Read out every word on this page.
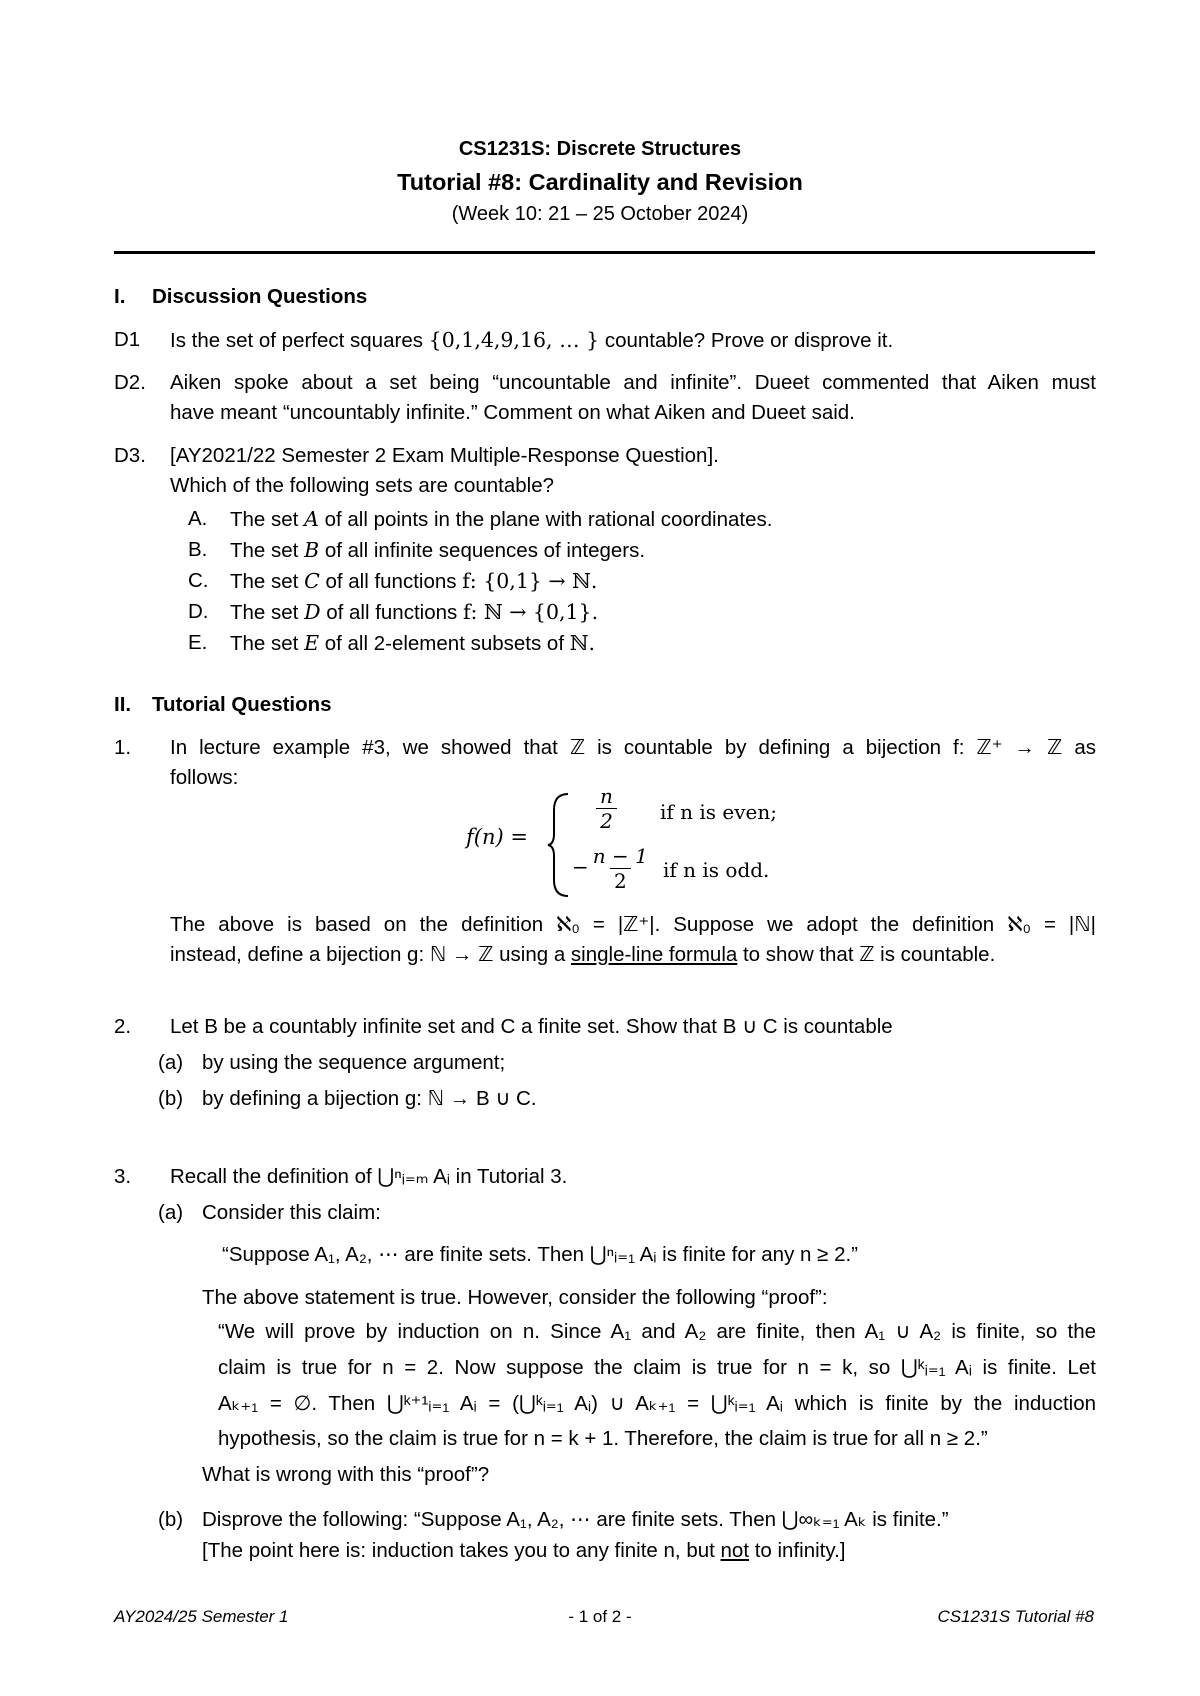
CS1231S: Discrete Structures
Tutorial #8: Cardinality and Revision
(Week 10: 21 – 25 October 2024)
I. Discussion Questions
D1 Is the set of perfect squares {0,1,4,9,16, … } countable? Prove or disprove it.
D2. Aiken spoke about a set being “uncountable and infinite”. Dueet commented that Aiken must
have meant “uncountably infinite.” Comment on what Aiken and Dueet said.
D3. [AY2021/22 Semester 2 Exam Multiple-Response Question].
Which of the following sets are countable?
A. The set A of all points in the plane with rational coordinates.
B. The set B of all infinite sequences of integers.
C. The set C of all functions f: {0,1} → ℕ.
D. The set D of all functions f: ℕ → {0,1}.
E. The set E of all 2-element subsets of ℕ.
II. Tutorial Questions
1. In lecture example #3, we showed that ℤ is countable by defining a bijection f: ℤ⁺ → ℤ as
follows:
f(n) =
$\frac{n}{2}$ if n is even;
− $\frac{n - 1}{2}$ if n is odd.
The above is based on the definition ℵ₀ = |ℤ⁺|. Suppose we adopt the definition ℵ₀ = |ℕ|
instead, define a bijection g: ℕ → ℤ using a single-line formula to show that ℤ is countable.
2. Let B be a countably infinite set and C a finite set. Show that B ∪ C is countable
(a) by using the sequence argument;
(b) by defining a bijection g: ℕ → B ∪ C.
3. Recall the definition of ⋃ⁿᵢ₌ₘ Aᵢ in Tutorial 3.
(a) Consider this claim:
“Suppose A₁, A₂, ⋯ are finite sets. Then ⋃ⁿᵢ₌₁ Aᵢ is finite for any n ≥ 2.”
The above statement is true. However, consider the following “proof”:
“We will prove by induction on n. Since A₁ and A₂ are finite, then A₁ ∪ A₂ is finite, so the
claim is true for n = 2. Now suppose the claim is true for n = k, so ⋃ᵏᵢ₌₁ Aᵢ is finite. Let
Aₖ₊₁ = ∅. Then ⋃ᵏ⁺¹ᵢ₌₁ Aᵢ = (⋃ᵏᵢ₌₁ Aᵢ) ∪ Aₖ₊₁ = ⋃ᵏᵢ₌₁ Aᵢ which is finite by the induction
hypothesis, so the claim is true for n = k + 1. Therefore, the claim is true for all n ≥ 2.”
What is wrong with this “proof”?
(b) Disprove the following: “Suppose A₁, A₂, ⋯ are finite sets. Then ⋃∞ₖ₌₁ Aₖ is finite.”
[The point here is: induction takes you to any finite n, but not to infinity.]
AY2024/25 Semester 1	- 1 of 2 -	CS1231S Tutorial #8
